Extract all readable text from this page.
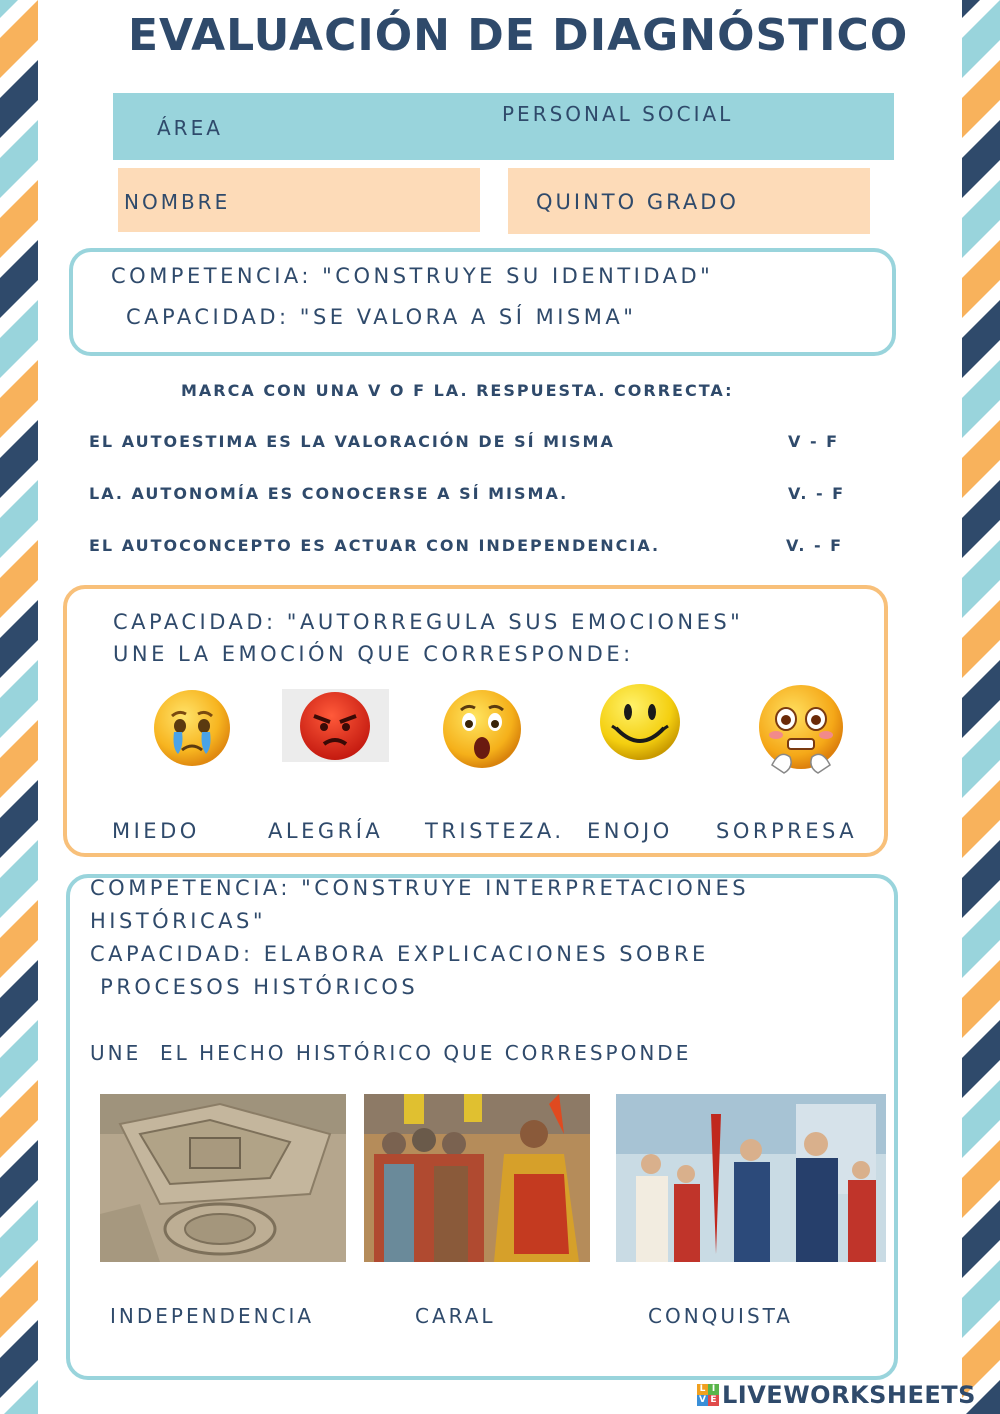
EVALUACIÓN DE DIAGNÓSTICO
ÁREA
PERSONAL SOCIAL
NOMBRE	QUINTO GRADO
COMPETENCIA: "CONSTRUYE SU IDENTIDAD"
CAPACIDAD: "SE VALORA A SÍ MISMA"
MARCA CON UNA V O F LA. RESPUESTA. CORRECTA:
EL AUTOESTIMA ES LA VALORACIÓN DE SÍ MISMA	V - F
LA. AUTONOMÍA ES CONOCERSE A SÍ MISMA.	V. - F
EL AUTOCONCEPTO ES ACTUAR CON INDEPENDENCIA.	V. - F
CAPACIDAD: "AUTORREGULA SUS EMOCIONES"
UNE LA EMOCIÓN QUE CORRESPONDE:
MIEDO	ALEGRÍA TRISTEZA. ENOJO SORPRESA
COMPETENCIA: "CONSTRUYE INTERPRETACIONES
HISTÓRICAS"
CAPACIDAD: ELABORA EXPLICACIONES SOBRE
PROCESOS HISTÓRICOS
UNE  EL HECHO HISTÓRICO QUE CORRESPONDE
INDEPENDENCIA	CARAL	CONQUISTA
L I
V E LIVEWORKSHEETS
